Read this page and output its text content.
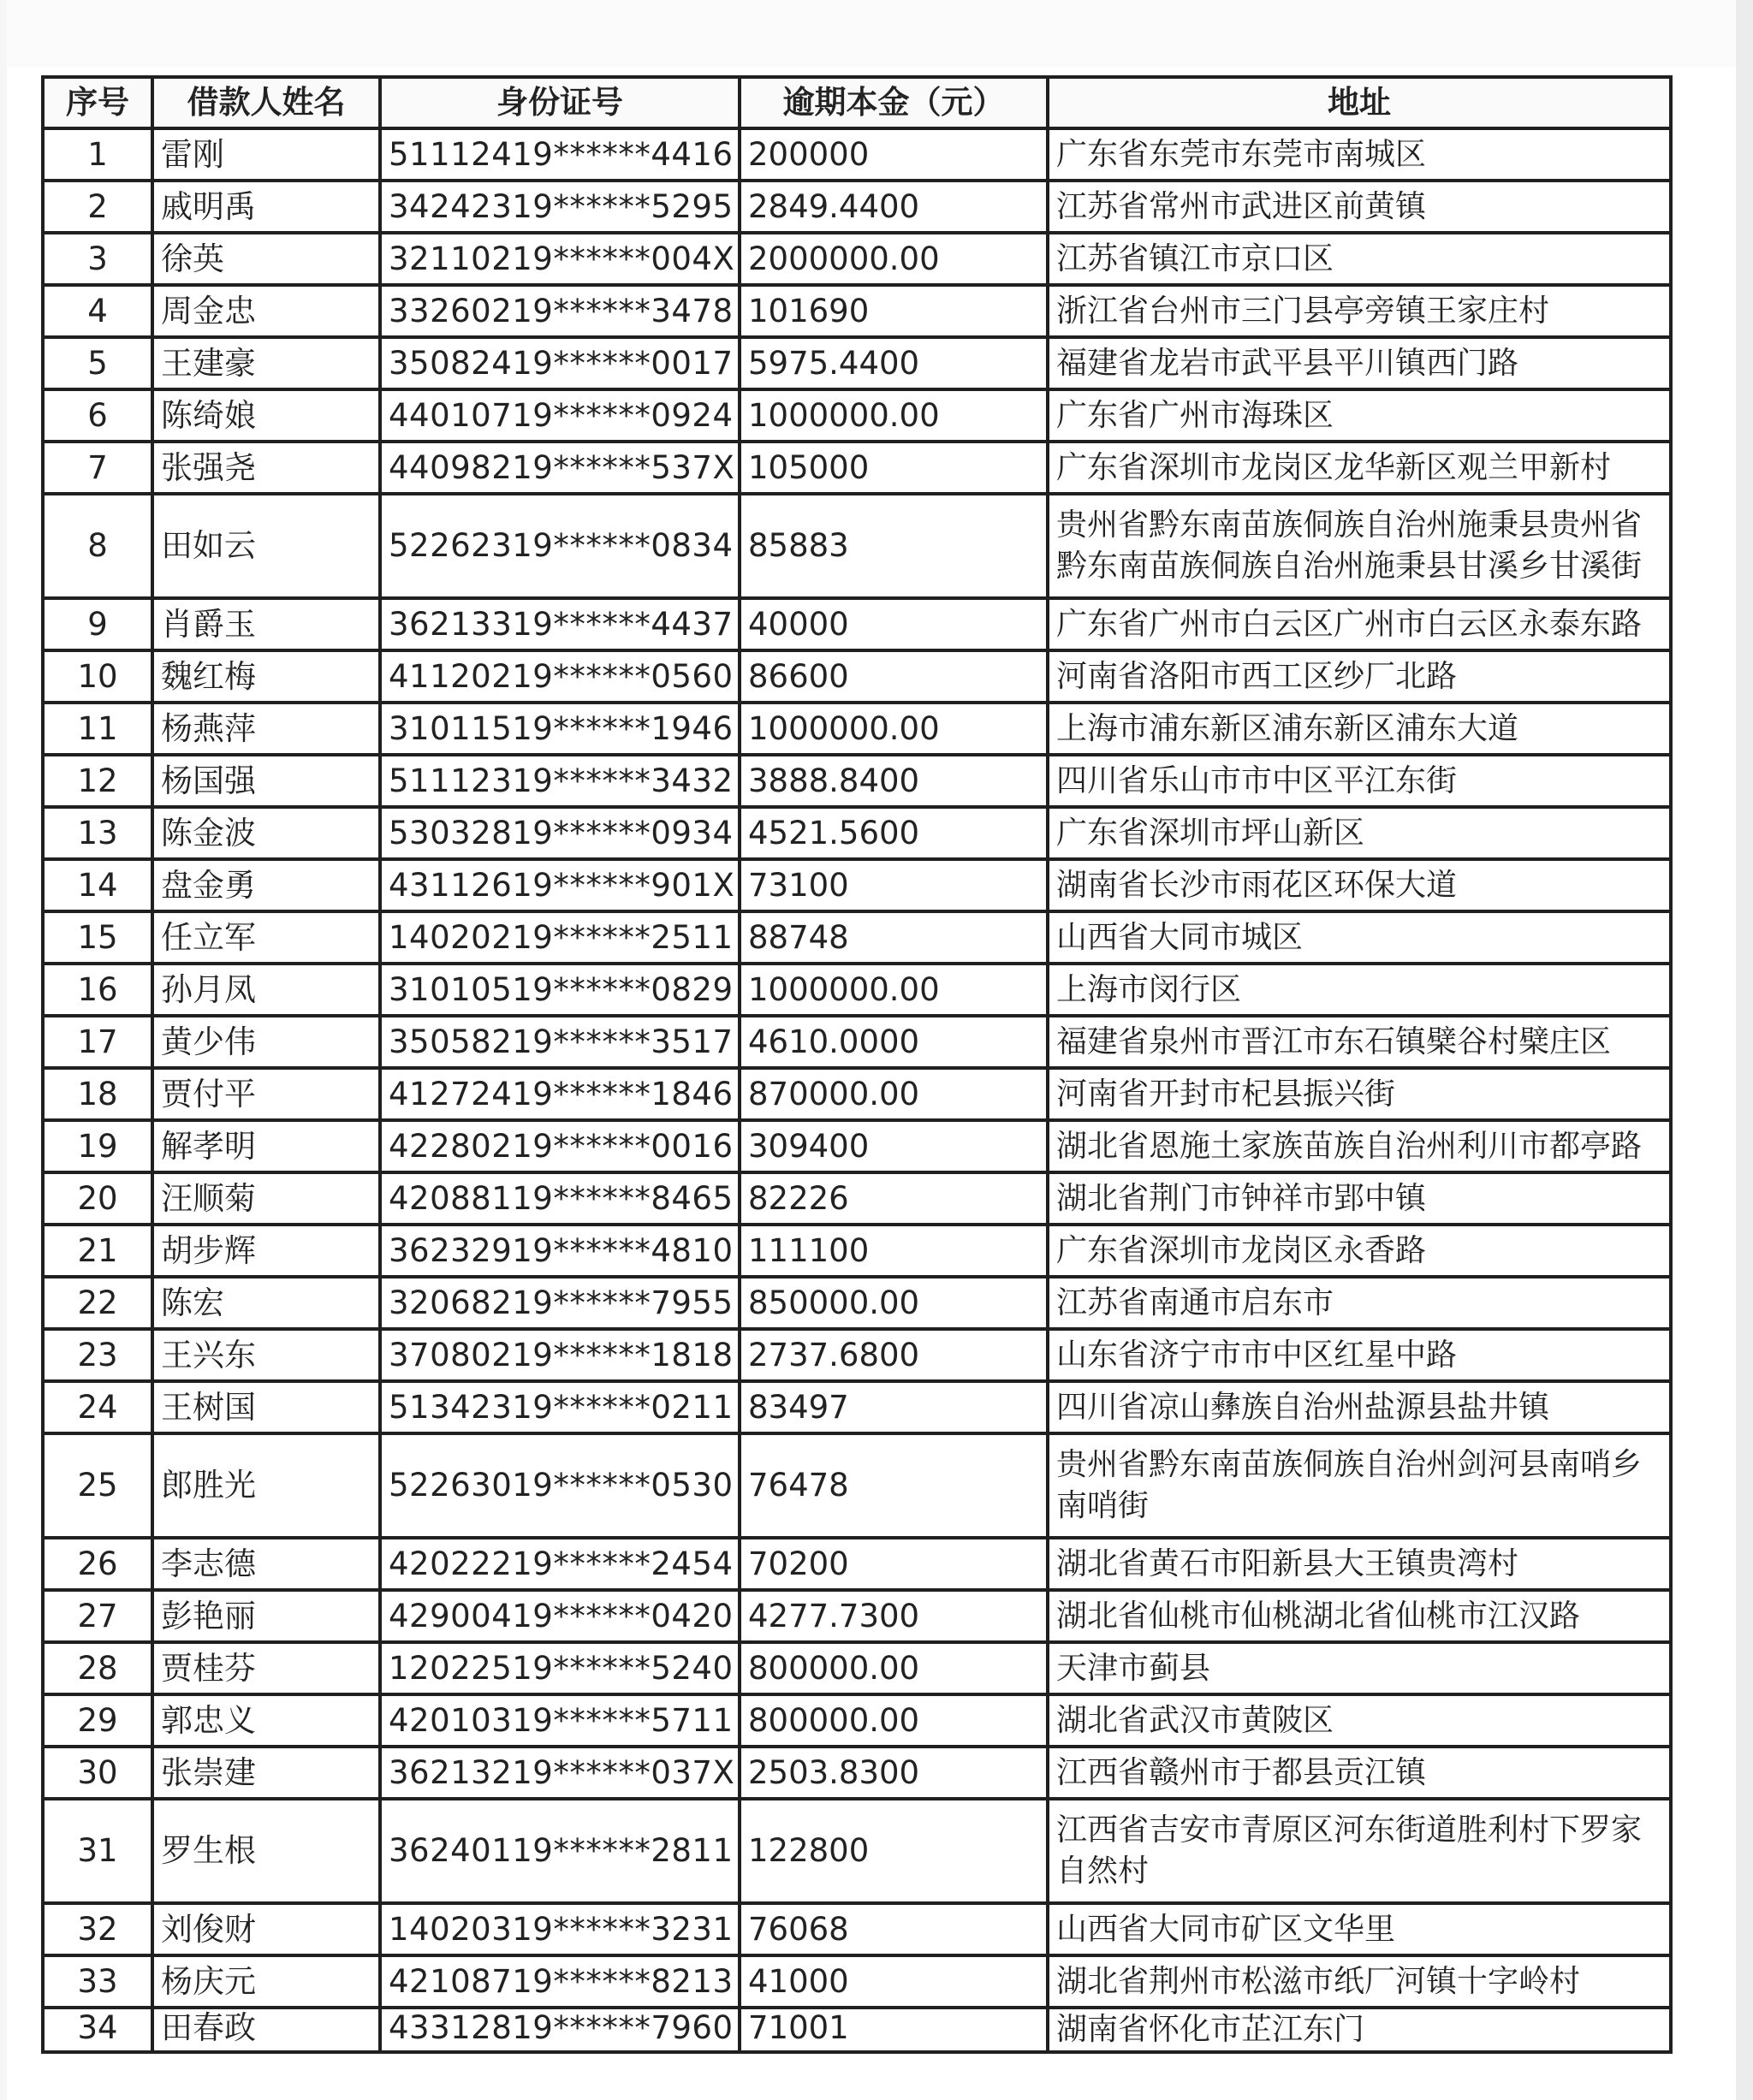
序号	借款人姓名	身份证号	逾期本金（元）	地址
1	雷刚	51112419******4416	200000	广东省东莞市东莞市南城区
2	戚明禹	34242319******5295	2849.4400	江苏省常州市武进区前黄镇
3	徐英	32110219******004X	2000000.00	江苏省镇江市京口区
4	周金忠	33260219******3478	101690	浙江省台州市三门县亭旁镇王家庄村
5	王建豪	35082419******0017	5975.4400	福建省龙岩市武平县平川镇西门路
6	陈绮娘	44010719******0924	1000000.00	广东省广州市海珠区
7	张强尧	44098219******537X	105000	广东省深圳市龙岗区龙华新区观兰甲新村
8	田如云	52262319******0834	85883	贵州省黔东南苗族侗族自治州施秉县贵州省黔东南苗族侗族自治州施秉县甘溪乡甘溪街
9	肖爵玉	36213319******4437	40000	广东省广州市白云区广州市白云区永泰东路
10	魏红梅	41120219******0560	86600	河南省洛阳市西工区纱厂北路
11	杨燕萍	31011519******1946	1000000.00	上海市浦东新区浦东新区浦东大道
12	杨国强	51112319******3432	3888.8400	四川省乐山市市中区平江东街
13	陈金波	53032819******0934	4521.5600	广东省深圳市坪山新区
14	盘金勇	43112619******901X	73100	湖南省长沙市雨花区环保大道
15	任立军	14020219******2511	88748	山西省大同市城区
16	孙月凤	31010519******0829	1000000.00	上海市闵行区
17	黄少伟	35058219******3517	4610.0000	福建省泉州市晋江市东石镇檗谷村檗庄区
18	贾付平	41272419******1846	870000.00	河南省开封市杞县振兴街
19	解孝明	42280219******0016	309400	湖北省恩施土家族苗族自治州利川市都亭路
20	汪顺菊	42088119******8465	82226	湖北省荆门市钟祥市郢中镇
21	胡步辉	36232919******4810	111100	广东省深圳市龙岗区永香路
22	陈宏	32068219******7955	850000.00	江苏省南通市启东市
23	王兴东	37080219******1818	2737.6800	山东省济宁市市中区红星中路
24	王树国	51342319******0211	83497	四川省凉山彝族自治州盐源县盐井镇
25	郎胜光	52263019******0530	76478	贵州省黔东南苗族侗族自治州剑河县南哨乡南哨街
26	李志德	42022219******2454	70200	湖北省黄石市阳新县大王镇贵湾村
27	彭艳丽	42900419******0420	4277.7300	湖北省仙桃市仙桃湖北省仙桃市江汉路
28	贾桂芬	12022519******5240	800000.00	天津市蓟县
29	郭忠义	42010319******5711	800000.00	湖北省武汉市黄陂区
30	张崇建	36213219******037X	2503.8300	江西省赣州市于都县贡江镇
31	罗生根	36240119******2811	122800	江西省吉安市青原区河东街道胜利村下罗家自然村
32	刘俊财	14020319******3231	76068	山西省大同市矿区文华里
33	杨庆元	42108719******8213	41000	湖北省荆州市松滋市纸厂河镇十字岭村
34	田春政	43312819******7960	71001	湖南省怀化市芷江东门
